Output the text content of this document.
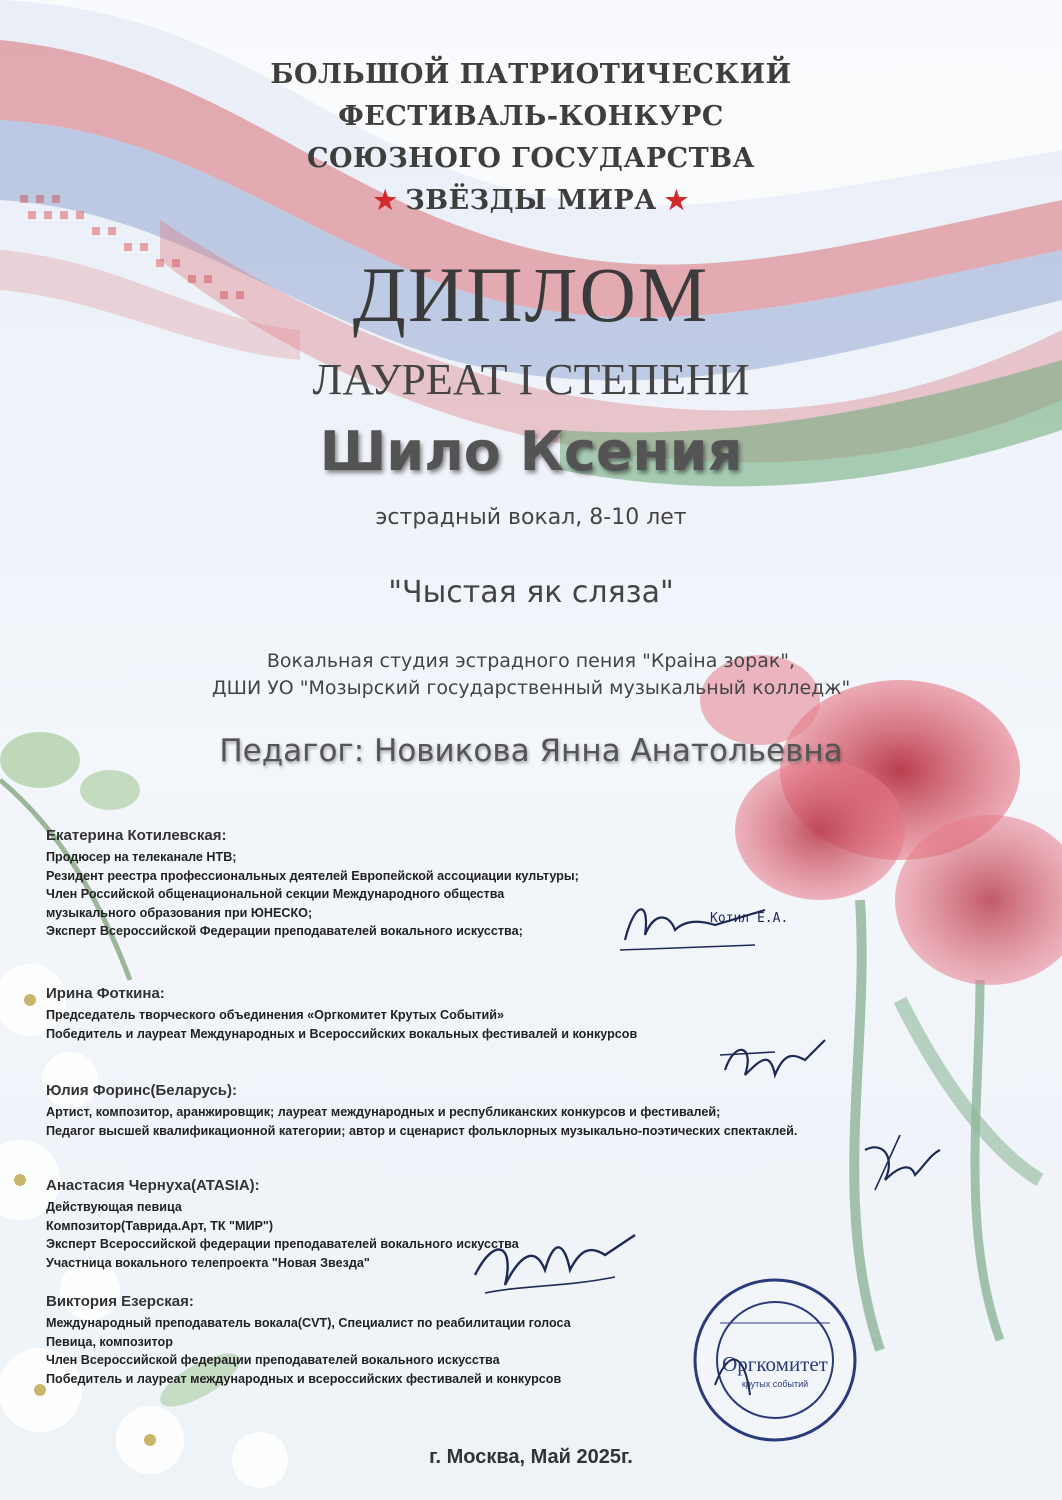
БОЛЬШОЙ ПАТРИОТИЧЕСКИЙ
ФЕСТИВАЛЬ-КОНКУРС
СОЮЗНОГО ГОСУДАРСТВА
★ ЗВЁЗДЫ МИРА ★
ДИПЛОМ
ЛАУРЕАТ I СТЕПЕНИ
Шило Ксения
эстрадный вокал, 8-10 лет
"Чыстая як сляза"
Вокальная студия эстрадного пения "Краіна зорак",
ДШИ УО "Мозырский государственный музыкальный колледж"
Педагог: Новикова Янна Анатольевна
Екатерина Котилевская:
Продюсер на телеканале НТВ;
Резидент реестра профессиональных деятелей Европейской ассоциации культуры;
Член Российской общенациональной секции Международного общества
музыкального образования при ЮНЕСКО;
Эксперт Всероссийской Федерации преподавателей вокального искусства;
Ирина Фоткина:
Председатель творческого объединения «Оргкомитет Крутых Событий»
Победитель и лауреат Международных и Всероссийских вокальных фестивалей и конкурсов
Юлия Форинс(Беларусь):
Артист, композитор, аранжировщик; лауреат международных и республиканских конкурсов и фестивалей;
Педагог высшей квалификационной категории; автор и сценарист фольклорных музыкально-поэтических спектаклей.
Анастасия Чернуха(ATASIA):
Действующая певица
Композитор(Таврида.Арт, ТК "МИР")
Эксперт Всероссийской федерации преподавателей вокального искусства
Участница вокального телепроекта "Новая Звезда"
Виктория Езерская:
Международный преподаватель вокала(CVT), Специалист по реабилитации голоса
Певица, композитор
Член Всероссийской федерации преподавателей вокального искусства
Победитель и лауреат международных и всероссийских фестивалей и конкурсов
г. Москва, Май 2025г.
Котил Е.А.
Оргкомитет
крутых событий
